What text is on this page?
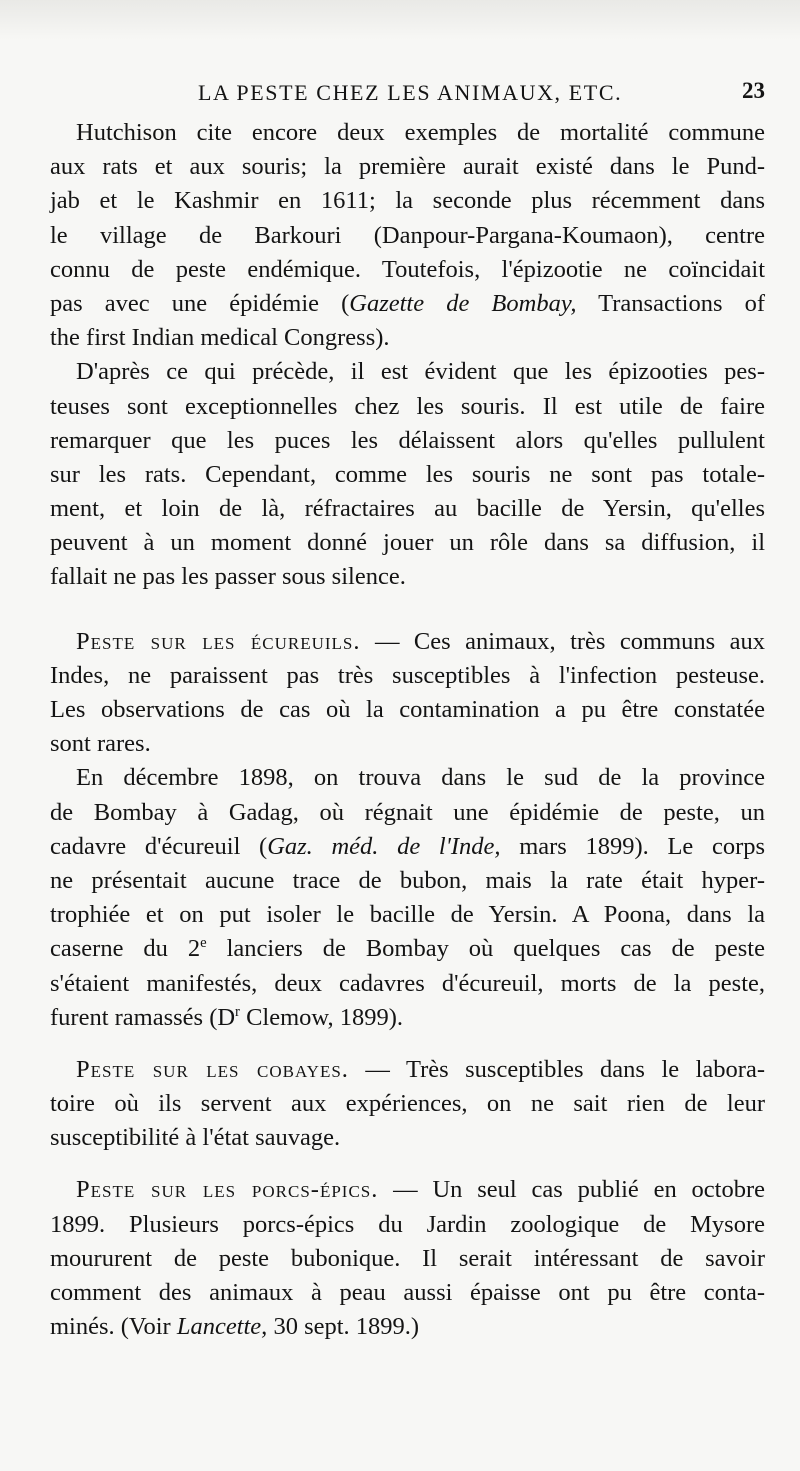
LA PESTE CHEZ LES ANIMAUX, ETC.	23
Hutchison cite encore deux exemples de mortalité commune
aux rats et aux souris; la première aurait existé dans le Pund-
jab et le Kashmir en 1611; la seconde plus récemment dans
le village de Barkouri (Danpour-Pargana-Koumaon), centre
connu de peste endémique. Toutefois, l'épizootie ne coïncidait
pas avec une épidémie (Gazette de Bombay, Transactions of
the first Indian medical Congress).
D'après ce qui précède, il est évident que les épizooties pes-
teuses sont exceptionnelles chez les souris. Il est utile de faire
remarquer que les puces les délaissent alors qu'elles pullulent
sur les rats. Cependant, comme les souris ne sont pas totale-
ment, et loin de là, réfractaires au bacille de Yersin, qu'elles
peuvent à un moment donné jouer un rôle dans sa diffusion, il
fallait ne pas les passer sous silence.
Peste sur les écureuils. — Ces animaux, très communs aux
Indes, ne paraissent pas très susceptibles à l'infection pesteuse.
Les observations de cas où la contamination a pu être constatée
sont rares.
En décembre 1898, on trouva dans le sud de la province
de Bombay à Gadag, où régnait une épidémie de peste, un
cadavre d'écureuil (Gaz. méd. de l'Inde, mars 1899). Le corps
ne présentait aucune trace de bubon, mais la rate était hyper-
trophiée et on put isoler le bacille de Yersin. A Poona, dans la
caserne du 2e lanciers de Bombay où quelques cas de peste
s'étaient manifestés, deux cadavres d'écureuil, morts de la peste,
furent ramassés ($D^r$ Clemow, 1899).
Peste sur les cobayes. — Très susceptibles dans le labora-
toire où ils servent aux expériences, on ne sait rien de leur
susceptibilité à l'état sauvage.
Peste sur les porcs-épics. — Un seul cas publié en octobre
1899. Plusieurs porcs-épics du Jardin zoologique de Mysore
moururent de peste bubonique. Il serait intéressant de savoir
comment des animaux à peau aussi épaisse ont pu être conta-
minés. (Voir Lancette, 30 sept. 1899.)
